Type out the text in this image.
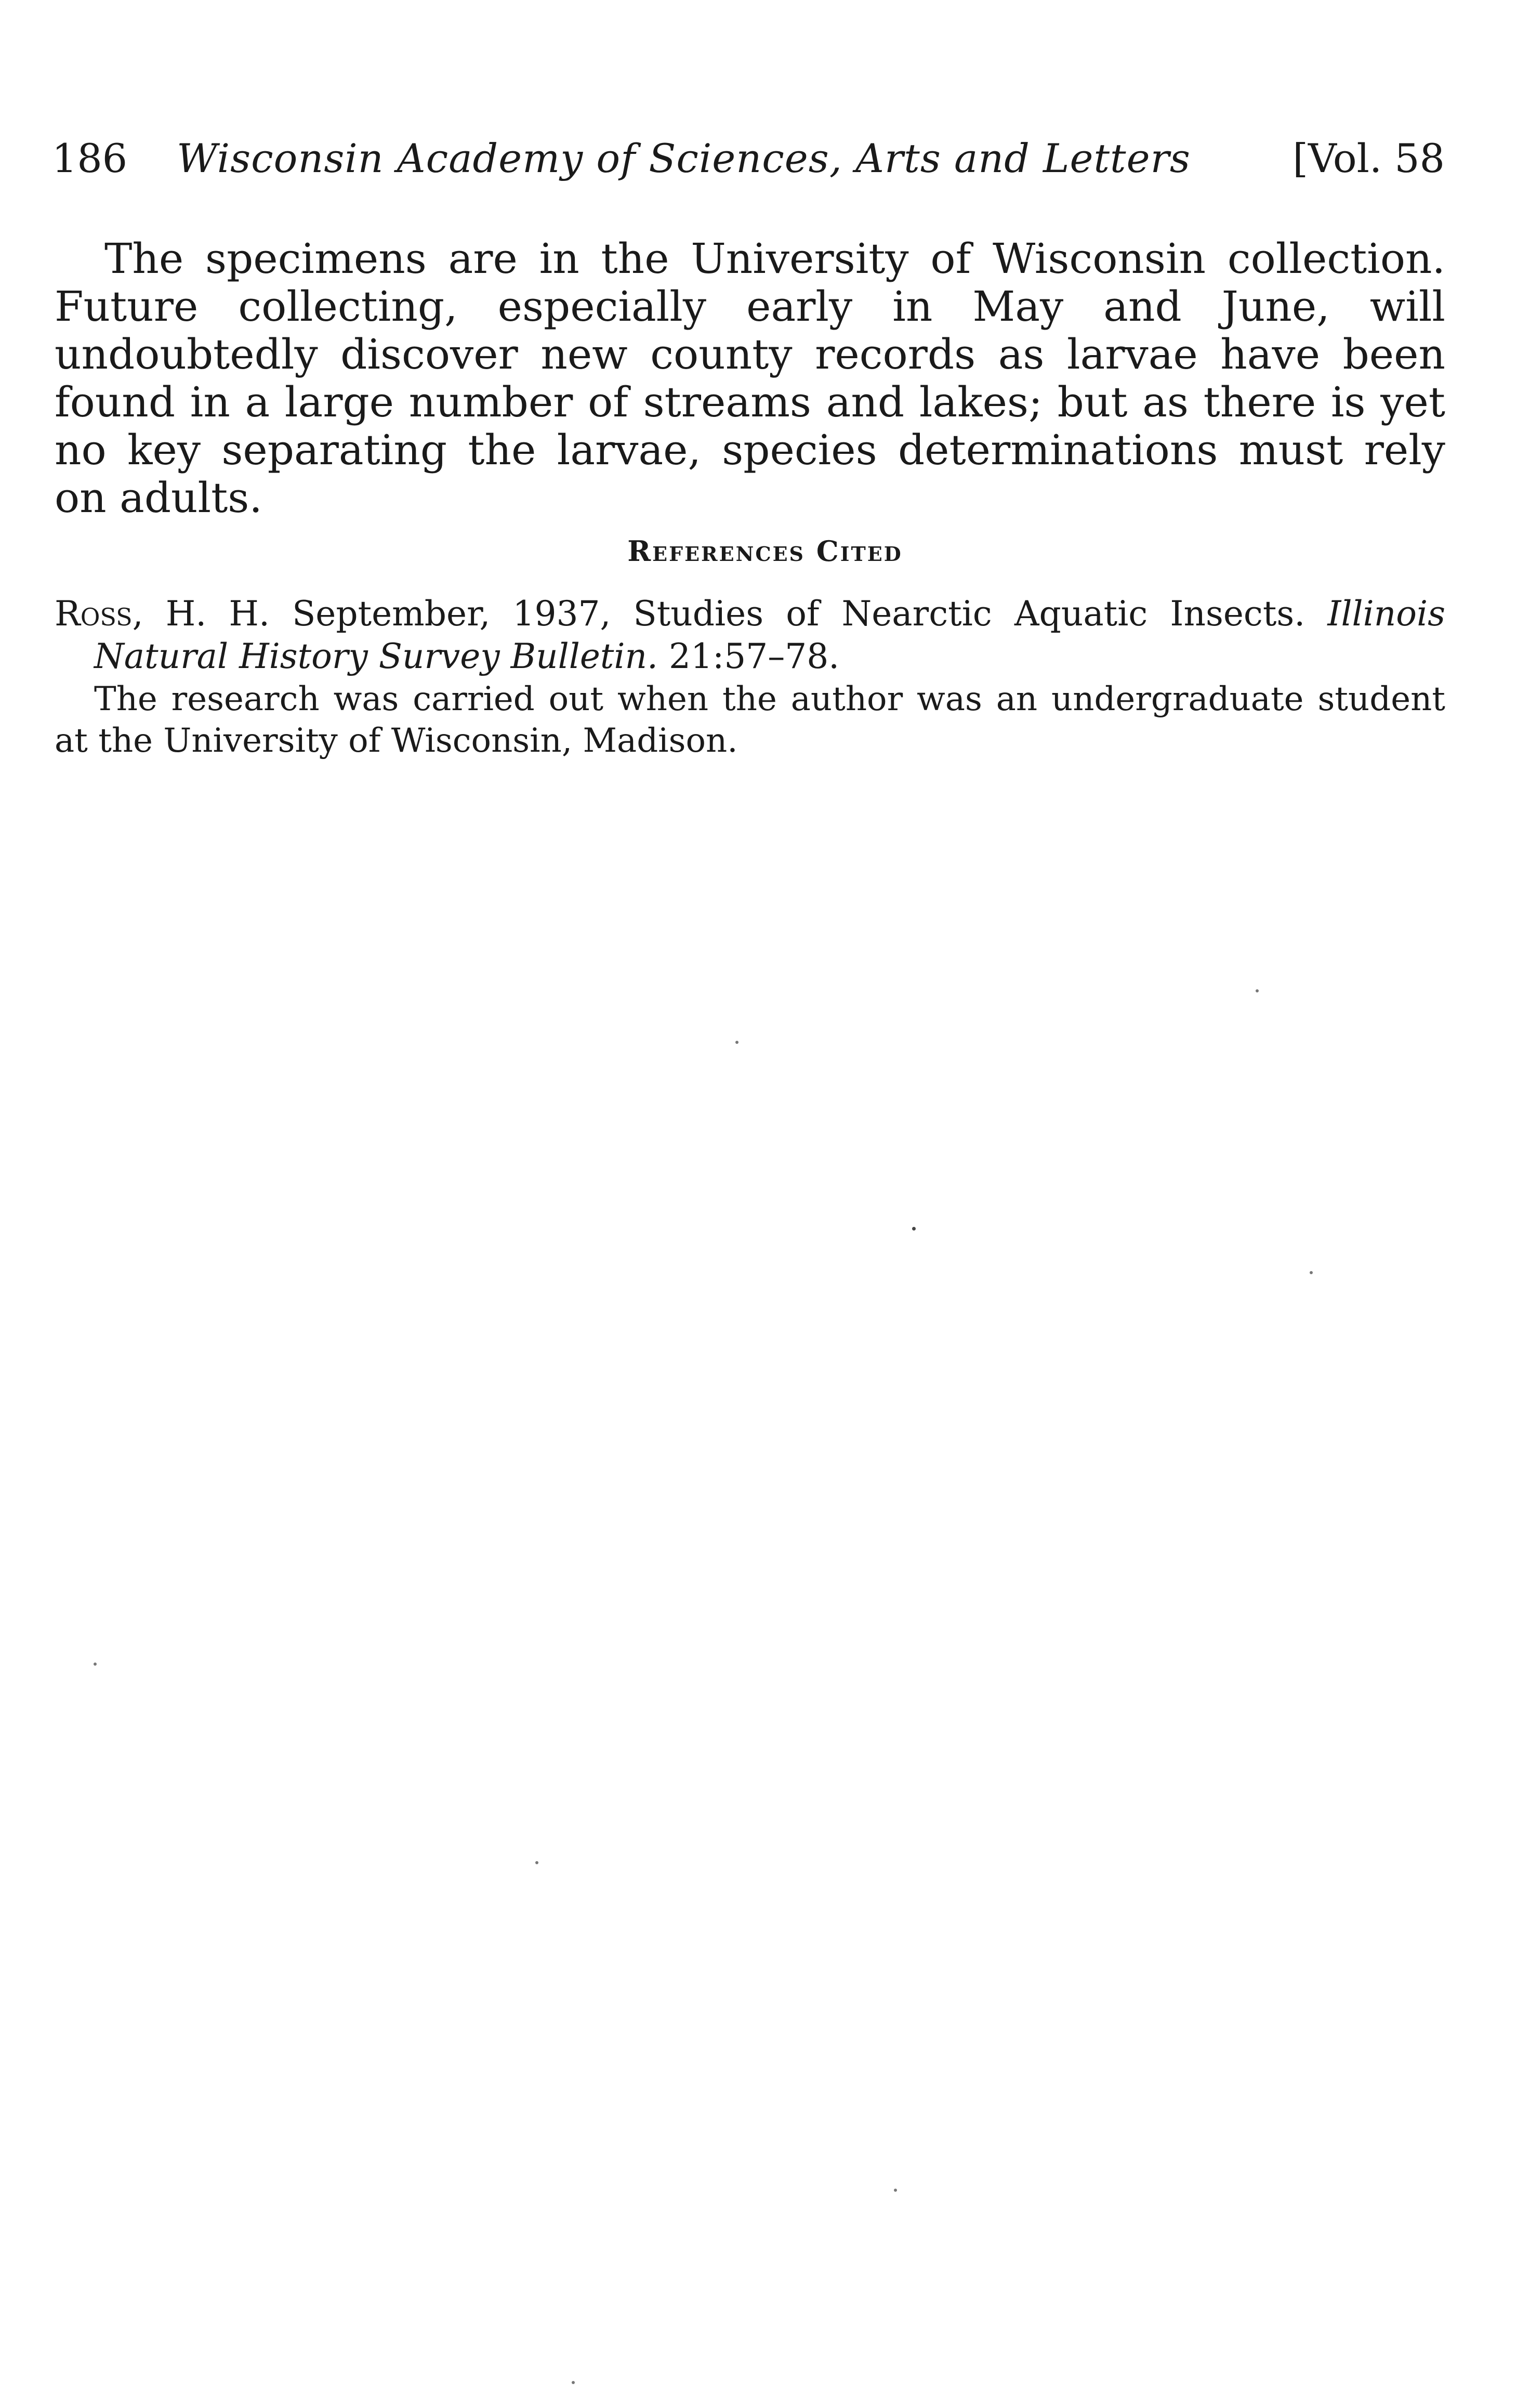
186 Wisconsin Academy of Sciences, Arts and Letters	[Vol. 58

The specimens are in the University of Wisconsin collection. Future collecting, especially early in May and June, will undoubtedly discover new county records as larvae have been found in a large number of streams and lakes; but as there is yet no key separating the larvae, species determinations must rely on adults.

References Cited

Ross, H. H. September, 1937, Studies of Nearctic Aquatic Insects. Illinois Natural History Survey Bulletin. 21:57–78.

The research was carried out when the author was an undergraduate student at the University of Wisconsin, Madison.
